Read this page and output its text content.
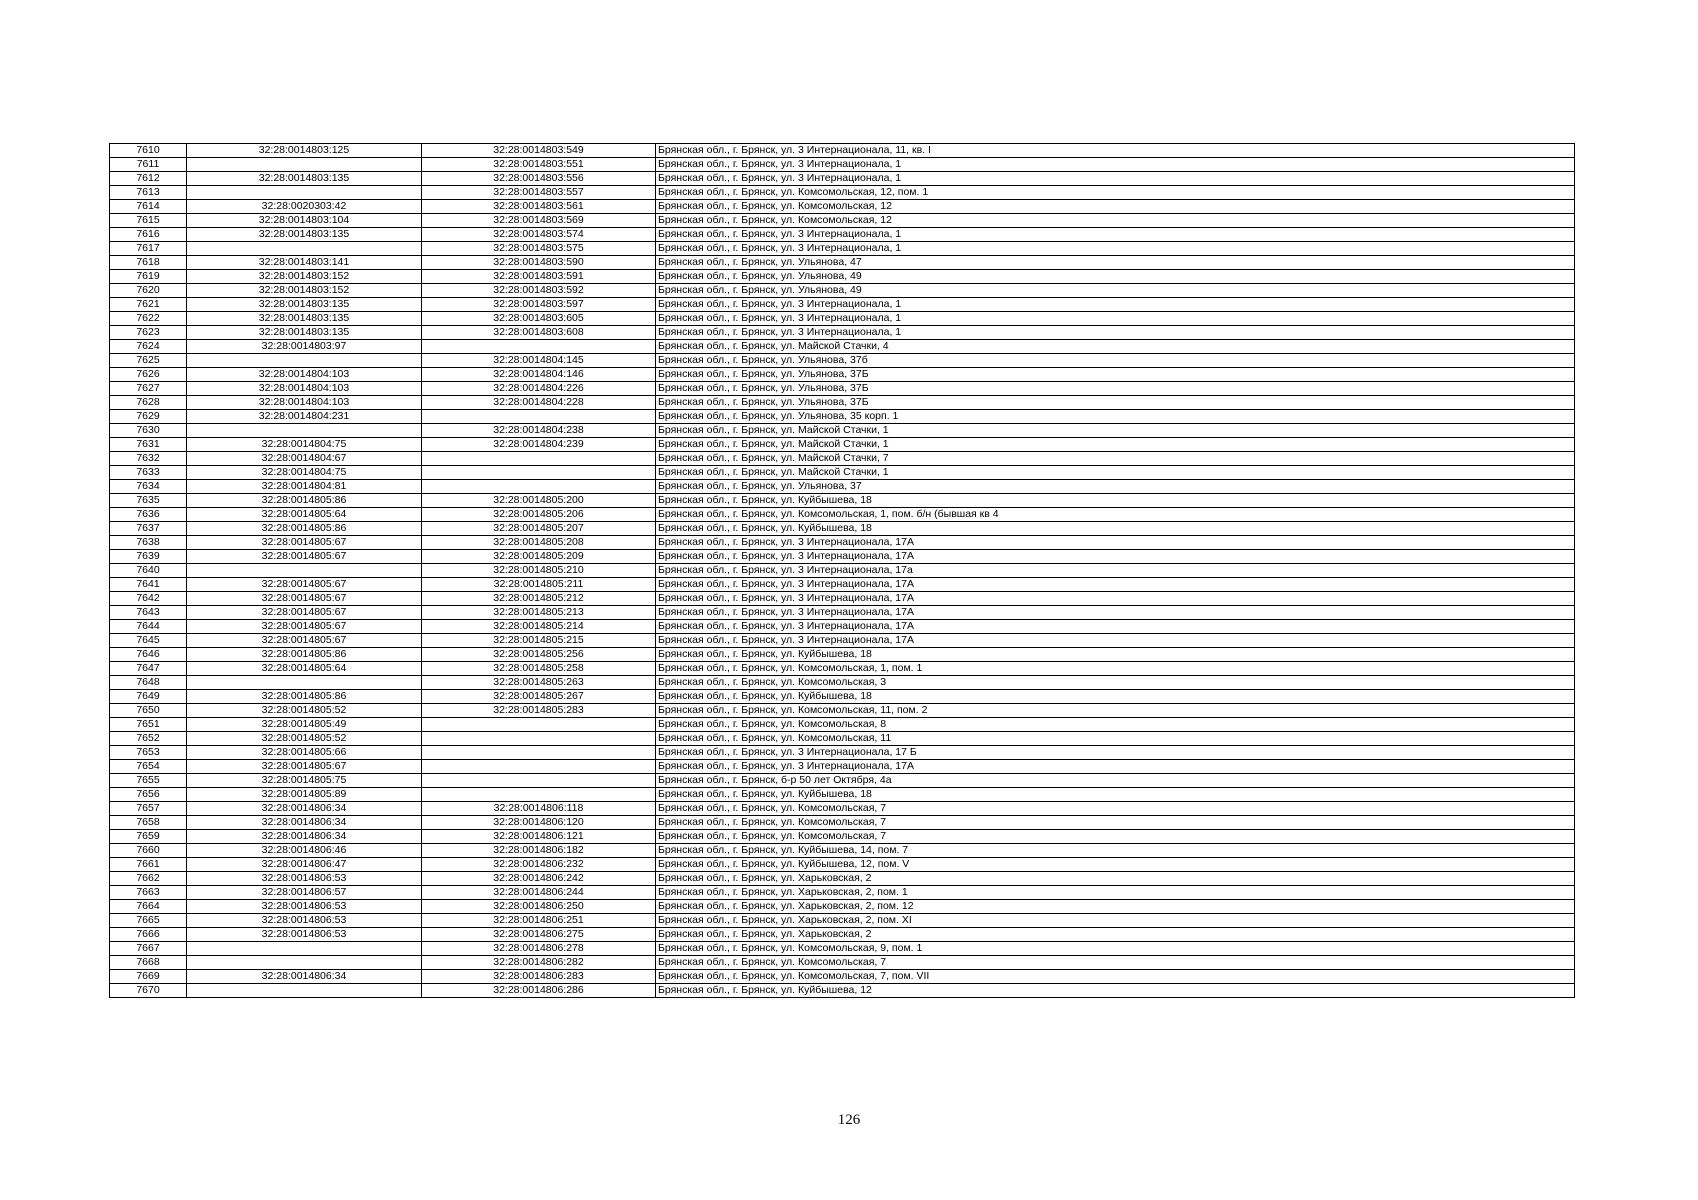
7610	32:28:0014803:125	32:28:0014803:549	Брянская обл., г. Брянск, ул. 3 Интернационала, 11, кв. I
7611		32:28:0014803:551	Брянская обл., г. Брянск, ул. 3 Интернационала, 1
7612	32:28:0014803:135	32:28:0014803:556	Брянская обл., г. Брянск, ул. 3 Интернационала, 1
7613		32:28:0014803:557	Брянская обл., г. Брянск, ул. Комсомольская, 12, пом. 1
7614	32:28:0020303:42	32:28:0014803:561	Брянская обл., г. Брянск, ул. Комсомольская, 12
7615	32:28:0014803:104	32:28:0014803:569	Брянская обл., г. Брянск, ул. Комсомольская, 12
7616	32:28:0014803:135	32:28:0014803:574	Брянская обл., г. Брянск, ул. 3 Интернационала, 1
7617		32:28:0014803:575	Брянская обл., г. Брянск, ул. 3 Интернационала, 1
7618	32:28:0014803:141	32:28:0014803:590	Брянская обл., г. Брянск, ул. Ульянова, 47
7619	32:28:0014803:152	32:28:0014803:591	Брянская обл., г. Брянск, ул. Ульянова, 49
7620	32:28:0014803:152	32:28:0014803:592	Брянская обл., г. Брянск, ул. Ульянова, 49
7621	32:28:0014803:135	32:28:0014803:597	Брянская обл., г. Брянск, ул. 3 Интернационала, 1
7622	32:28:0014803:135	32:28:0014803:605	Брянская обл., г. Брянск, ул. 3 Интернационала, 1
7623	32:28:0014803:135	32:28:0014803:608	Брянская обл., г. Брянск, ул. 3 Интернационала, 1
7624	32:28:0014803:97		Брянская обл., г. Брянск, ул. Майской Стачки, 4
7625		32:28:0014804:145	Брянская обл., г. Брянск, ул. Ульянова, 37б
7626	32:28:0014804:103	32:28:0014804:146	Брянская обл., г. Брянск, ул. Ульянова, 37Б
7627	32:28:0014804:103	32:28:0014804:226	Брянская обл., г. Брянск, ул. Ульянова, 37Б
7628	32:28:0014804:103	32:28:0014804:228	Брянская обл., г. Брянск, ул. Ульянова, 37Б
7629	32:28:0014804:231		Брянская обл., г. Брянск, ул. Ульянова, 35 корп. 1
7630		32:28:0014804:238	Брянская обл., г. Брянск, ул. Майской Стачки, 1
7631	32:28:0014804:75	32:28:0014804:239	Брянская обл., г. Брянск, ул. Майской Стачки, 1
7632	32:28:0014804:67		Брянская обл., г. Брянск, ул. Майской Стачки, 7
7633	32:28:0014804:75		Брянская обл., г. Брянск, ул. Майской Стачки, 1
7634	32:28:0014804:81		Брянская обл., г. Брянск, ул. Ульянова, 37
7635	32:28:0014805:86	32:28:0014805:200	Брянская обл., г. Брянск, ул. Куйбышева, 18
7636	32:28:0014805:64	32:28:0014805:206	Брянская обл., г. Брянск, ул. Комсомольская, 1, пом. б/н (бывшая кв 4
7637	32:28:0014805:86	32:28:0014805:207	Брянская обл., г. Брянск, ул. Куйбышева, 18
7638	32:28:0014805:67	32:28:0014805:208	Брянская обл., г. Брянск, ул. 3 Интернационала, 17А
7639	32:28:0014805:67	32:28:0014805:209	Брянская обл., г. Брянск, ул. 3 Интернационала, 17А
7640		32:28:0014805:210	Брянская обл., г. Брянск, ул. 3 Интернационала, 17а
7641	32:28:0014805:67	32:28:0014805:211	Брянская обл., г. Брянск, ул. 3 Интернационала, 17А
7642	32:28:0014805:67	32:28:0014805:212	Брянская обл., г. Брянск, ул. 3 Интернационала, 17А
7643	32:28:0014805:67	32:28:0014805:213	Брянская обл., г. Брянск, ул. 3 Интернационала, 17А
7644	32:28:0014805:67	32:28:0014805:214	Брянская обл., г. Брянск, ул. 3 Интернационала, 17А
7645	32:28:0014805:67	32:28:0014805:215	Брянская обл., г. Брянск, ул. 3 Интернационала, 17А
7646	32:28:0014805:86	32:28:0014805:256	Брянская обл., г. Брянск, ул. Куйбышева, 18
7647	32:28:0014805:64	32:28:0014805:258	Брянская обл., г. Брянск, ул. Комсомольская, 1, пом. 1
7648		32:28:0014805:263	Брянская обл., г. Брянск, ул. Комсомольская, 3
7649	32:28:0014805:86	32:28:0014805:267	Брянская обл., г. Брянск, ул. Куйбышева, 18
7650	32:28:0014805:52	32:28:0014805:283	Брянская обл., г. Брянск, ул. Комсомольская, 11, пом. 2
7651	32:28:0014805:49		Брянская обл., г. Брянск, ул. Комсомольская, 8
7652	32:28:0014805:52		Брянская обл., г. Брянск, ул. Комсомольская, 11
7653	32:28:0014805:66		Брянская обл., г. Брянск, ул. 3 Интернационала, 17 Б
7654	32:28:0014805:67		Брянская обл., г. Брянск, ул. 3 Интернационала, 17А
7655	32:28:0014805:75		Брянская обл., г. Брянск, б-р 50 лет Октября, 4а
7656	32:28:0014805:89		Брянская обл., г. Брянск, ул. Куйбышева, 18
7657	32:28:0014806:34	32:28:0014806:118	Брянская обл., г. Брянск, ул. Комсомольская, 7
7658	32:28:0014806:34	32:28:0014806:120	Брянская обл., г. Брянск, ул. Комсомольская, 7
7659	32:28:0014806:34	32:28:0014806:121	Брянская обл., г. Брянск, ул. Комсомольская, 7
7660	32:28:0014806:46	32:28:0014806:182	Брянская обл., г. Брянск, ул. Куйбышева, 14, пом. 7
7661	32:28:0014806:47	32:28:0014806:232	Брянская обл., г. Брянск, ул. Куйбышева, 12, пом. V
7662	32:28:0014806:53	32:28:0014806:242	Брянская обл., г. Брянск, ул. Харьковская, 2
7663	32:28:0014806:57	32:28:0014806:244	Брянская обл., г. Брянск, ул. Харьковская, 2, пом. 1
7664	32:28:0014806:53	32:28:0014806:250	Брянская обл., г. Брянск, ул. Харьковская, 2, пом. 12
7665	32:28:0014806:53	32:28:0014806:251	Брянская обл., г. Брянск, ул. Харьковская, 2, пом. XI
7666	32:28:0014806:53	32:28:0014806:275	Брянская обл., г. Брянск, ул. Харьковская, 2
7667		32:28:0014806:278	Брянская обл., г. Брянск, ул. Комсомольская, 9, пом. 1
7668		32:28:0014806:282	Брянская обл., г. Брянск, ул. Комсомольская, 7
7669	32:28:0014806:34	32:28:0014806:283	Брянская обл., г. Брянск, ул. Комсомольская, 7, пом. VII
7670		32:28:0014806:286	Брянская обл., г. Брянск, ул. Куйбышева, 12
126
